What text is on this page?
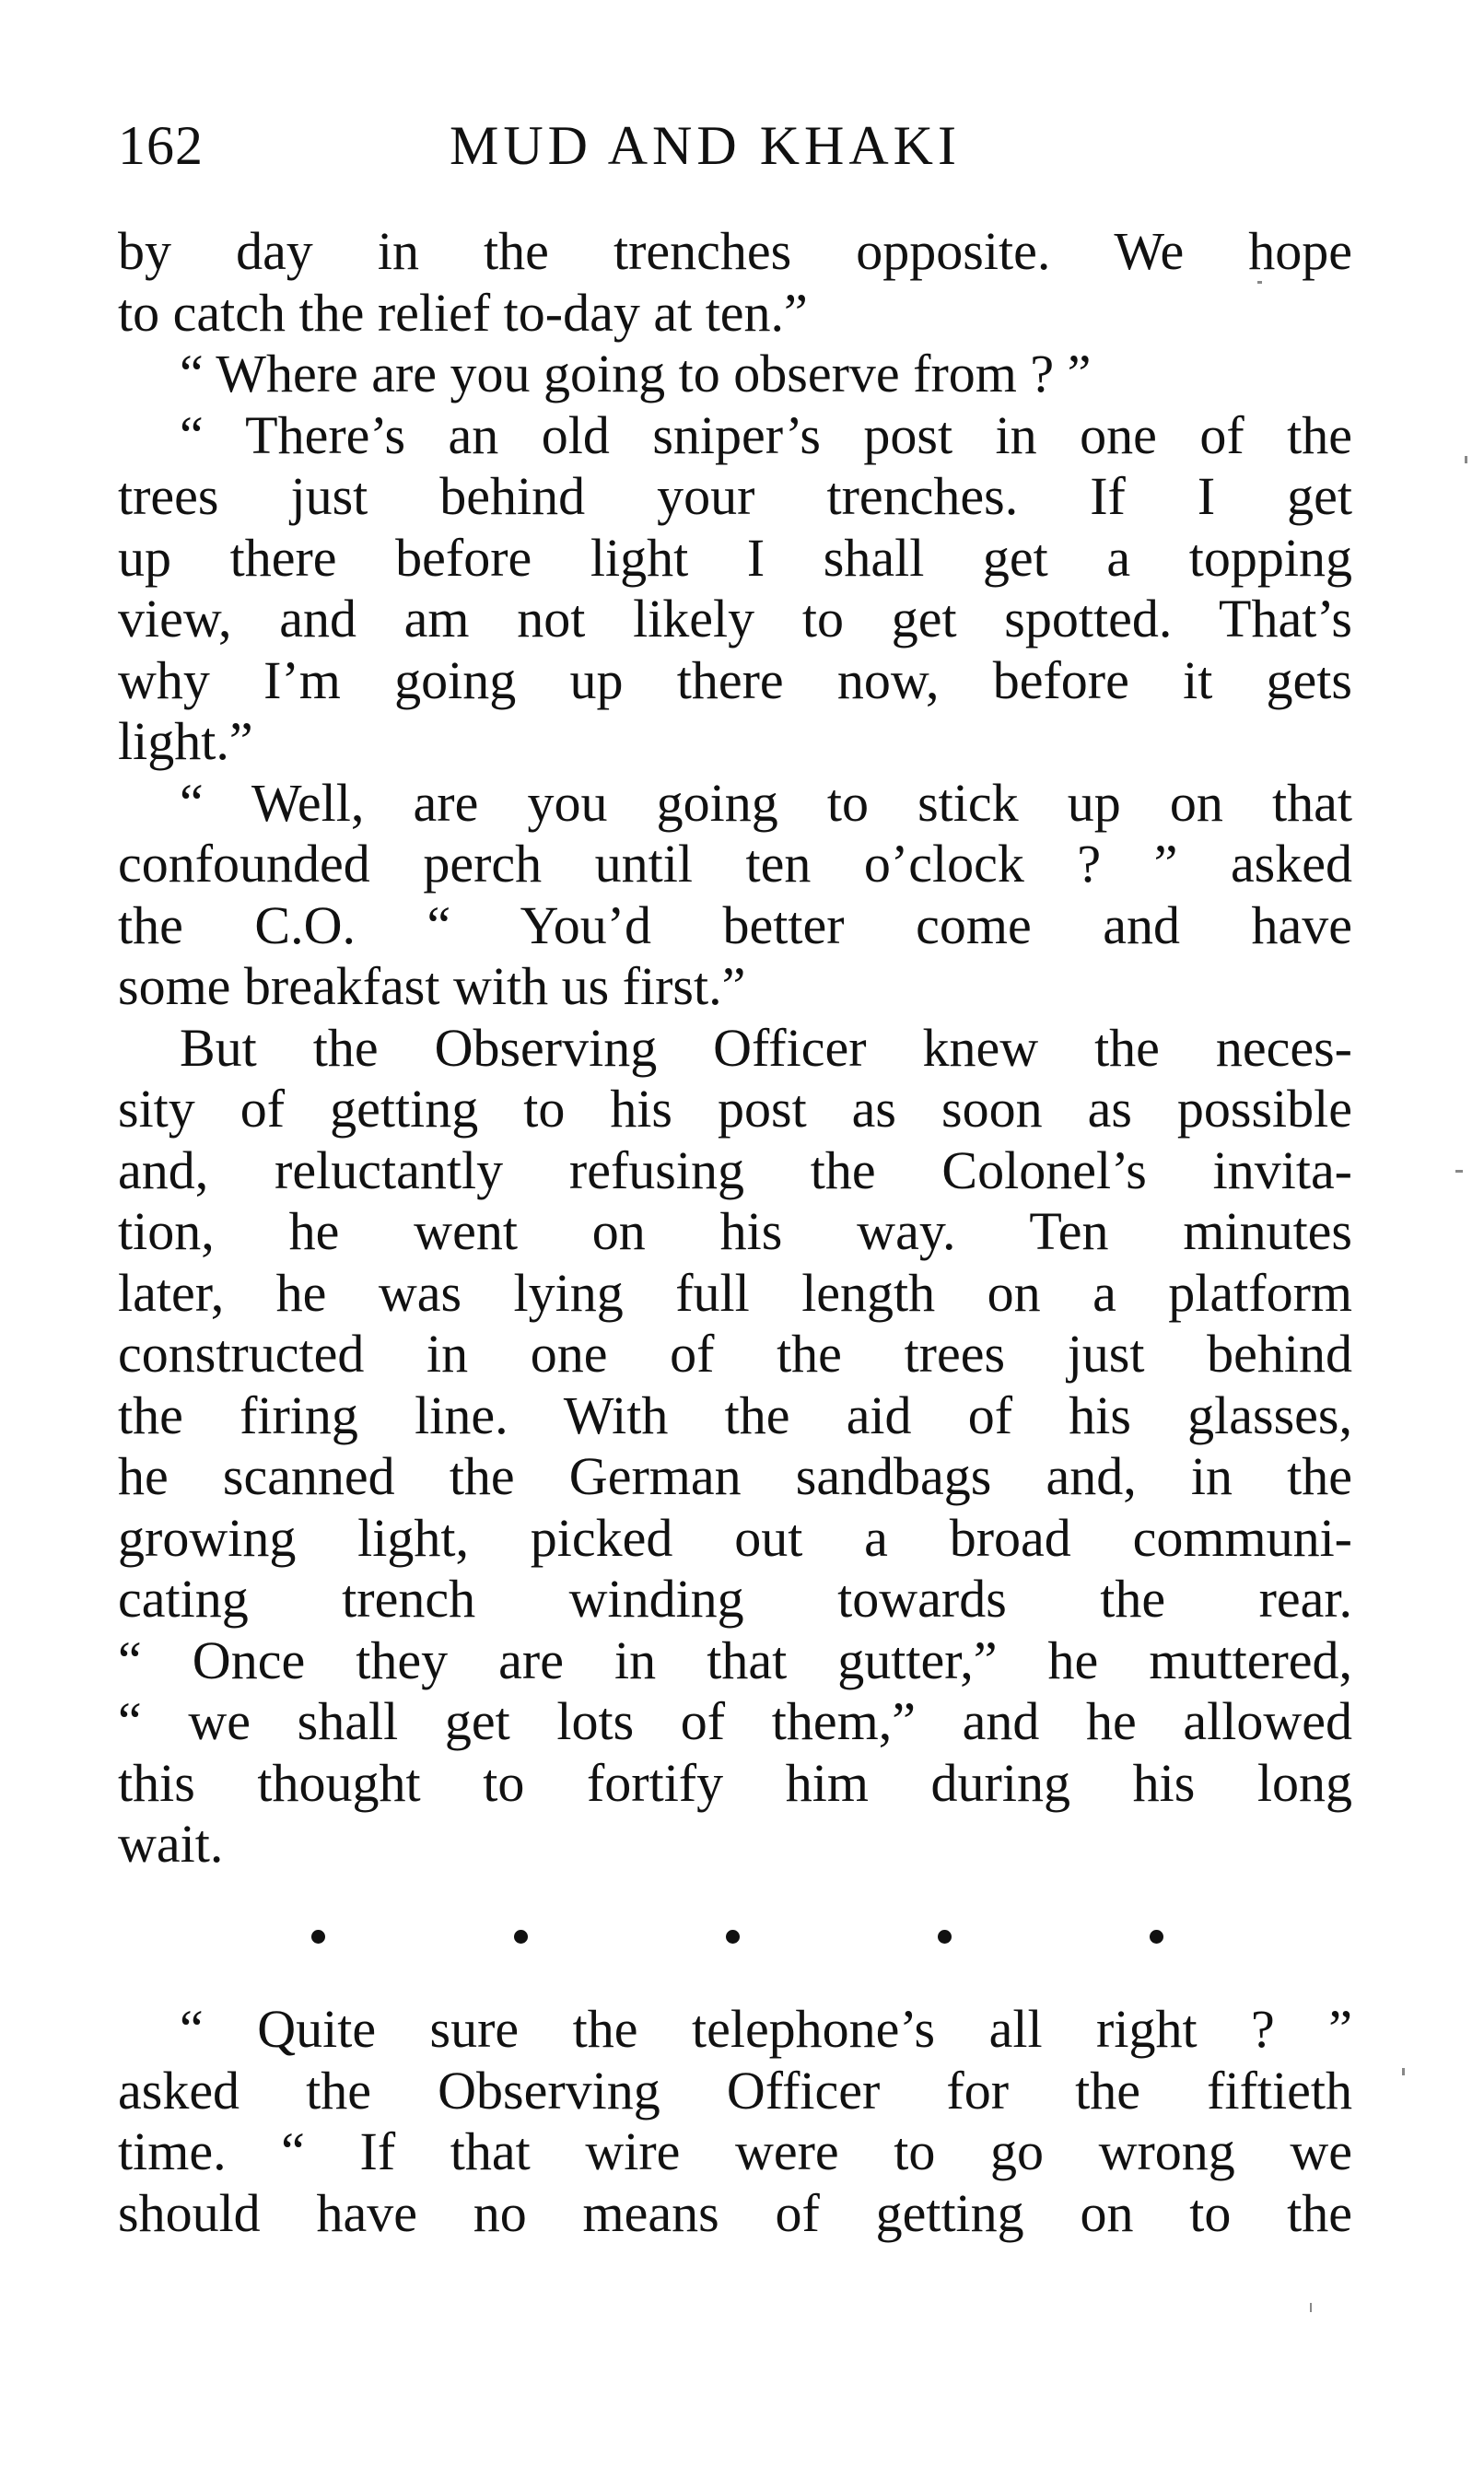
162	MUD AND KHAKI
by day in the trenches opposite. We hope
to catch the relief to-day at ten.”
“ Where are you going to observe from ? ”
“ There’s an old sniper’s post in one of the
trees just behind your trenches. If I get
up there before light I shall get a topping
view, and am not likely to get spotted. That’s
why I’m going up there now, before it gets
light.”
“ Well, are you going to stick up on that
confounded perch until ten o’clock ? ” asked
the C.O. “ You’d better come and have
some breakfast with us first.”
But the Observing Officer knew the neces-
sity of getting to his post as soon as possible
and, reluctantly refusing the Colonel’s invita-
tion, he went on his way. Ten minutes
later, he was lying full length on a platform
constructed in one of the trees just behind
the firing line. With the aid of his glasses,
he scanned the German sandbags and, in the
growing light, picked out a broad communi-
cating trench winding towards the rear.
“ Once they are in that gutter,” he muttered,
“ we shall get lots of them,” and he allowed
this thought to fortify him during his long
wait.
“ Quite sure the telephone’s all right ? ”
asked the Observing Officer for the fiftieth
time. “ If that wire were to go wrong we
should have no means of getting on to the
